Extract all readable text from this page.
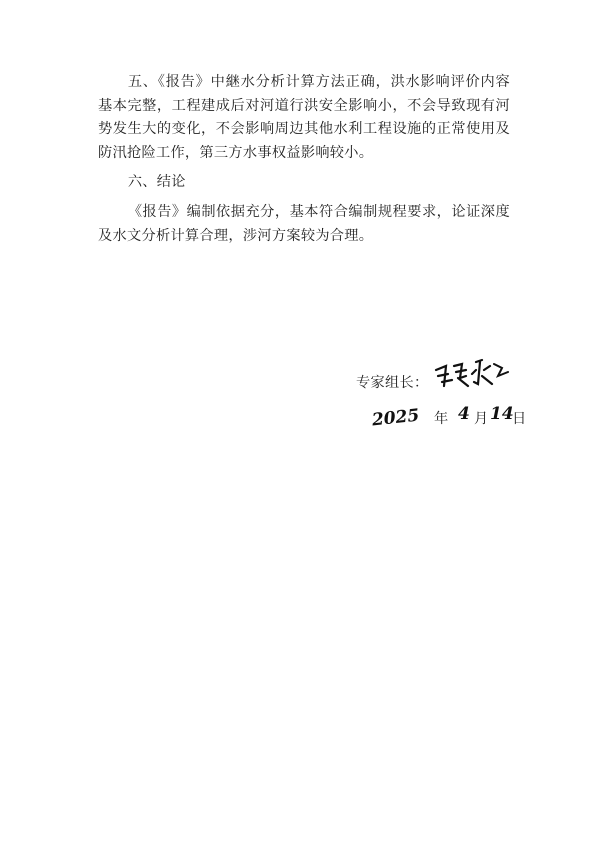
五、《报告》中継水分析计算方法正确，洪水影响评价内容基本完整，工程建成后对河道行洪安全影响小，不会导致现有河势发生大的变化，不会影响周边其他水利工程设施的正常使用及防汛抢险工作，第三方水事权益影响较小。

六、结论

《报告》编制依据充分，基本符合编制规程要求，论证深度及水文分析计算合理，涉河方案较为合理。

专家组长：
2025 年 4 月 14
日
